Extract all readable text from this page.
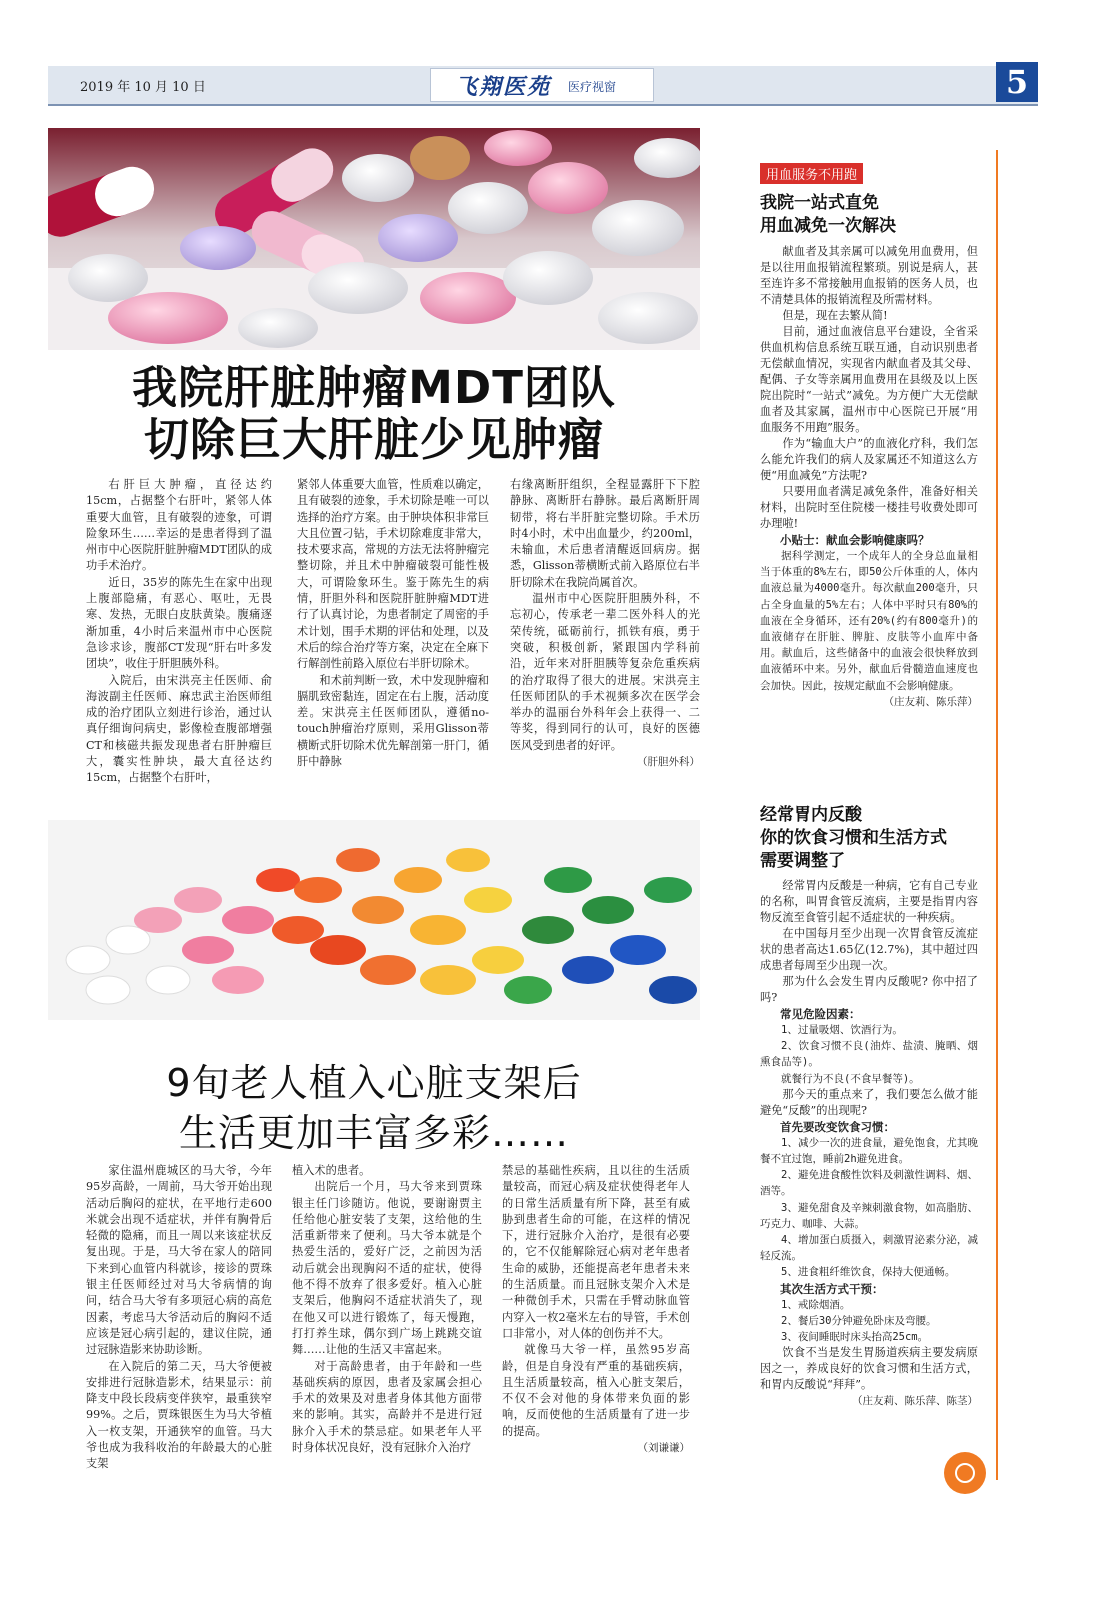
2019 年 10 月 10 日	飞翔医苑 医疗视窗	5
我院肝脏肿瘤MDT团队
切除巨大肝脏少见肿瘤

右肝巨大肿瘤，直径达约15cm，占据整个右肝叶，紧邻人体重要大血管，且有破裂的迹象，可谓险象环生……幸运的是患者得到了温州市中心医院肝脏肿瘤MDT团队的成功手术治疗。

近日，35岁的陈先生在家中出现上腹部隐痛，有恶心、呕吐，无畏寒、发热，无眼白皮肤黄染。腹痛逐渐加重，4小时后来温州市中心医院急诊求诊，腹部CT发现“肝右叶多发团块”，收住于肝胆胰外科。

入院后，由宋洪亮主任医师、俞海波副主任医师、麻忠武主治医师组成的治疗团队立刻进行诊治，通过认真仔细询问病史，影像检查腹部增强CT和核磁共振发现患者右肝肿瘤巨大，囊实性肿块，最大直径达约15cm，占据整个右肝叶，

紧邻人体重要大血管，性质难以确定，且有破裂的迹象，手术切除是唯一可以选择的治疗方案。由于肿块体积非常巨大且位置刁钻，手术切除难度非常大，技术要求高，常规的方法无法将肿瘤完整切除，并且术中肿瘤破裂可能性极大，可谓险象环生。鉴于陈先生的病情，肝胆外科和医院肝脏肿瘤MDT进行了认真讨论，为患者制定了周密的手术计划，围手术期的评估和处理，以及术后的综合治疗等方案，决定在全麻下行解剖性前路入原位右半肝切除术。

和术前判断一致，术中发现肿瘤和膈肌致密黏连，固定在右上腹，活动度差。宋洪亮主任医师团队，遵循no-touch肿瘤治疗原则，采用Glisson蒂横断式肝切除术优先解剖第一肝门，循肝中静脉

右缘离断肝组织，全程显露肝下下腔静脉、离断肝右静脉。最后离断肝周韧带，将右半肝脏完整切除。手术历时4小时，术中出血量少，约200ml，未输血，术后患者清醒返回病房。据悉，Glisson蒂横断式前入路原位右半肝切除术在我院尚属首次。

温州市中心医院肝胆胰外科，不忘初心，传承老一辈二医外科人的光荣传统，砥砺前行，抓铁有痕，勇于突破，积极创新，紧跟国内学科前沿，近年来对肝胆胰等复杂危重疾病的治疗取得了很大的进展。宋洪亮主任医师团队的手术视频多次在医学会举办的温丽台外科年会上获得一、二等奖，得到同行的认可，良好的医德医风受到患者的好评。

（肝胆外科）
9旬老人植入心脏支架后
生活更加丰富多彩……

家住温州鹿城区的马大爷，今年95岁高龄，一周前，马大爷开始出现活动后胸闷的症状，在平地行走600米就会出现不适症状，并伴有胸骨后轻微的隐痛，而且一周以来该症状反复出现。于是，马大爷在家人的陪同下来到心血管内科就诊，接诊的贾珠银主任医师经过对马大爷病情的询问，结合马大爷有多项冠心病的高危因素，考虑马大爷活动后的胸闷不适应该是冠心病引起的，建议住院，通过冠脉造影来协助诊断。

在入院后的第二天，马大爷便被安排进行冠脉造影术，结果显示：前降支中段长段病变伴狭窄，最重狭窄99%。之后，贾珠银医生为马大爷植入一枚支架，开通狭窄的血管。马大爷也成为我科收治的年龄最大的心脏支架

植入术的患者。

出院后一个月，马大爷来到贾珠银主任门诊随访。他说，要谢谢贾主任给他心脏安装了支架，这给他的生活重新带来了便利。马大爷本就是个热爱生活的，爱好广泛，之前因为活动后就会出现胸闷不适的症状，使得他不得不放弃了很多爱好。植入心脏支架后，他胸闷不适症状消失了，现在他又可以进行锻炼了，每天慢跑，打打养生球，偶尔到广场上跳跳交谊舞……让他的生活又丰富起来。

对于高龄患者，由于年龄和一些基础疾病的原因，患者及家属会担心手术的效果及对患者身体其他方面带来的影响。其实，高龄并不是进行冠脉介入手术的禁忌症。如果老年人平时身体状况良好，没有冠脉介入治疗

禁忌的基础性疾病，且以往的生活质量较高，而冠心病及症状使得老年人的日常生活质量有所下降，甚至有威胁到患者生命的可能，在这样的情况下，进行冠脉介入治疗，是很有必要的，它不仅能解除冠心病对老年患者生命的威胁，还能提高老年患者未来的生活质量。而且冠脉支架介入术是一种微创手术，只需在手臂动脉血管内穿入一枚2毫米左右的导管，手术创口非常小，对人体的创伤并不大。

就像马大爷一样，虽然95岁高龄，但是自身没有严重的基础疾病，且生活质量较高，植入心脏支架后，不仅不会对他的身体带来负面的影响，反而使他的生活质量有了进一步的提高。

（刘谦谦）
用血服务不用跑
我院一站式直免
用血减免一次解决

献血者及其亲属可以减免用血费用，但是以往用血报销流程繁琐。别说是病人，甚至连许多不常接触用血报销的医务人员，也不清楚具体的报销流程及所需材料。

但是，现在去繁从简!

目前，通过血液信息平台建设，全省采供血机构信息系统互联互通，自动识别患者无偿献血情况，实现省内献血者及其父母、配偶、子女等亲属用血费用在县级及以上医院出院时“一站式”减免。为方便广大无偿献血者及其家属，温州市中心医院已开展“用血服务不用跑”服务。

作为“输血大户”的血液化疗科，我们怎么能允许我们的病人及家属还不知道这么方便“用血减免”方法呢?

只要用血者满足减免条件，准备好相关材料，出院时至住院楼一楼挂号收费处即可办理啦!

小贴士：献血会影响健康吗？
据科学测定，一个成年人的全身总血量相当于体重的8%左右，即50公斤体重的人，体内血液总量为4000毫升。每次献血200毫升，只占全身血量的5%左右；人体中平时只有80%的血液在全身循环，还有20%(约有800毫升)的血液储存在肝脏、脾脏、皮肤等小血库中备用。献血后，这些储备中的血液会很快释放到血液循环中来。另外，献血后骨髓造血速度也会加快。因此，按规定献血不会影响健康。
（庄友莉、陈乐萍）
经常胃内反酸
你的饮食习惯和生活方式
需要调整了

经常胃内反酸是一种病，它有自己专业的名称，叫胃食管反流病，主要是指胃内容物反流至食管引起不适症状的一种疾病。

在中国每月至少出现一次胃食管反流症状的患者高达1.65亿(12.7%)，其中超过四成患者每周至少出现一次。

那为什么会发生胃内反酸呢? 你中招了吗?

常见危险因素：
1、过量吸烟、饮酒行为。
2、饮食习惯不良(油炸、盐渍、腌晒、烟熏食品等)。
就餐行为不良(不食早餐等)。

那今天的重点来了，我们要怎么做才能避免“反酸”的出现呢?

首先要改变饮食习惯：
1、减少一次的进食量，避免饱食，尤其晚餐不宜过饱，睡前2h避免进食。
2、避免进食酸性饮料及刺激性调料、烟、酒等。
3、避免甜食及辛辣刺激食物，如高脂肪、巧克力、咖啡、大蒜。
4、增加蛋白质摄入，刺激胃泌素分泌，减轻反流。
5、进食粗纤维饮食，保持大便通畅。
其次生活方式干预：
1、戒除烟酒。
2、餐后30分钟避免卧床及弯腰。
3、夜间睡眠时床头抬高25cm。

饮食不当是发生胃肠道疾病主要发病原因之一，养成良好的饮食习惯和生活方式，和胃内反酸说“拜拜”。

（庄友莉、陈乐萍、陈茎）
